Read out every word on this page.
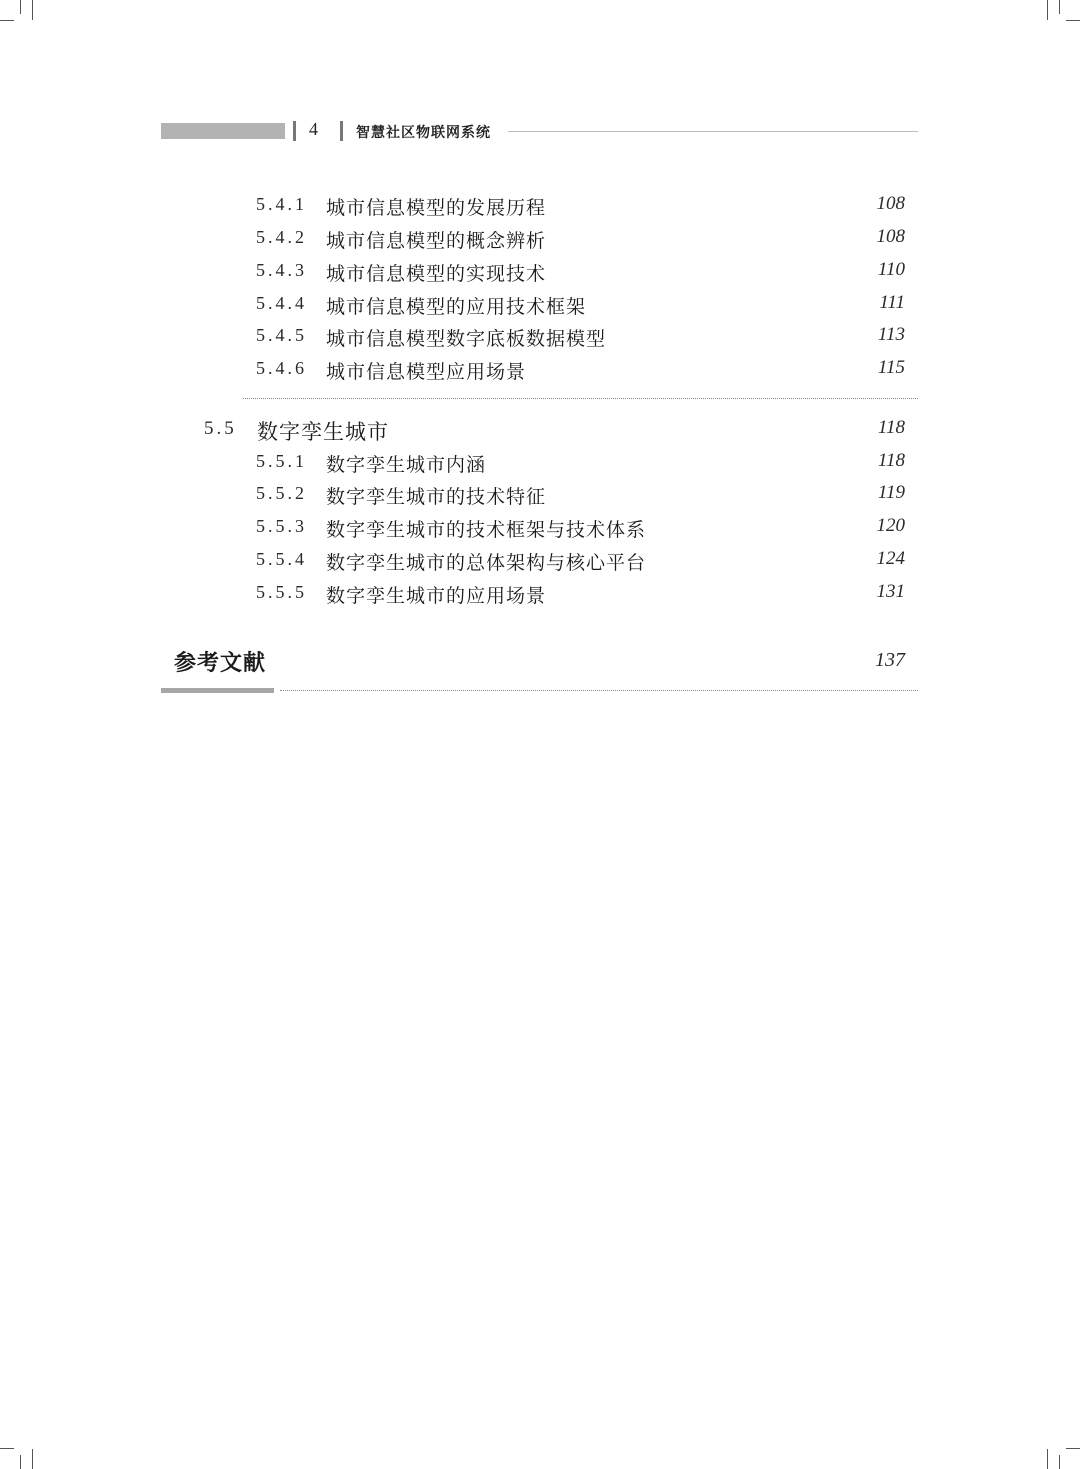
4	智慧社区物联网系统
5.4.1 城市信息模型的发展历程	108
5.4.2 城市信息模型的概念辨析	108
5.4.3 城市信息模型的实现技术	110
5.4.4 城市信息模型的应用技术框架	111
5.4.5 城市信息模型数字底板数据模型	113
5.4.6 城市信息模型应用场景	115
5.5 数字孪生城市	118
5.5.1 数字孪生城市内涵	118
5.5.2 数字孪生城市的技术特征	119
5.5.3 数字孪生城市的技术框架与技术体系	120
5.5.4 数字孪生城市的总体架构与核心平台	124
5.5.5 数字孪生城市的应用场景	131
参考文献	137
